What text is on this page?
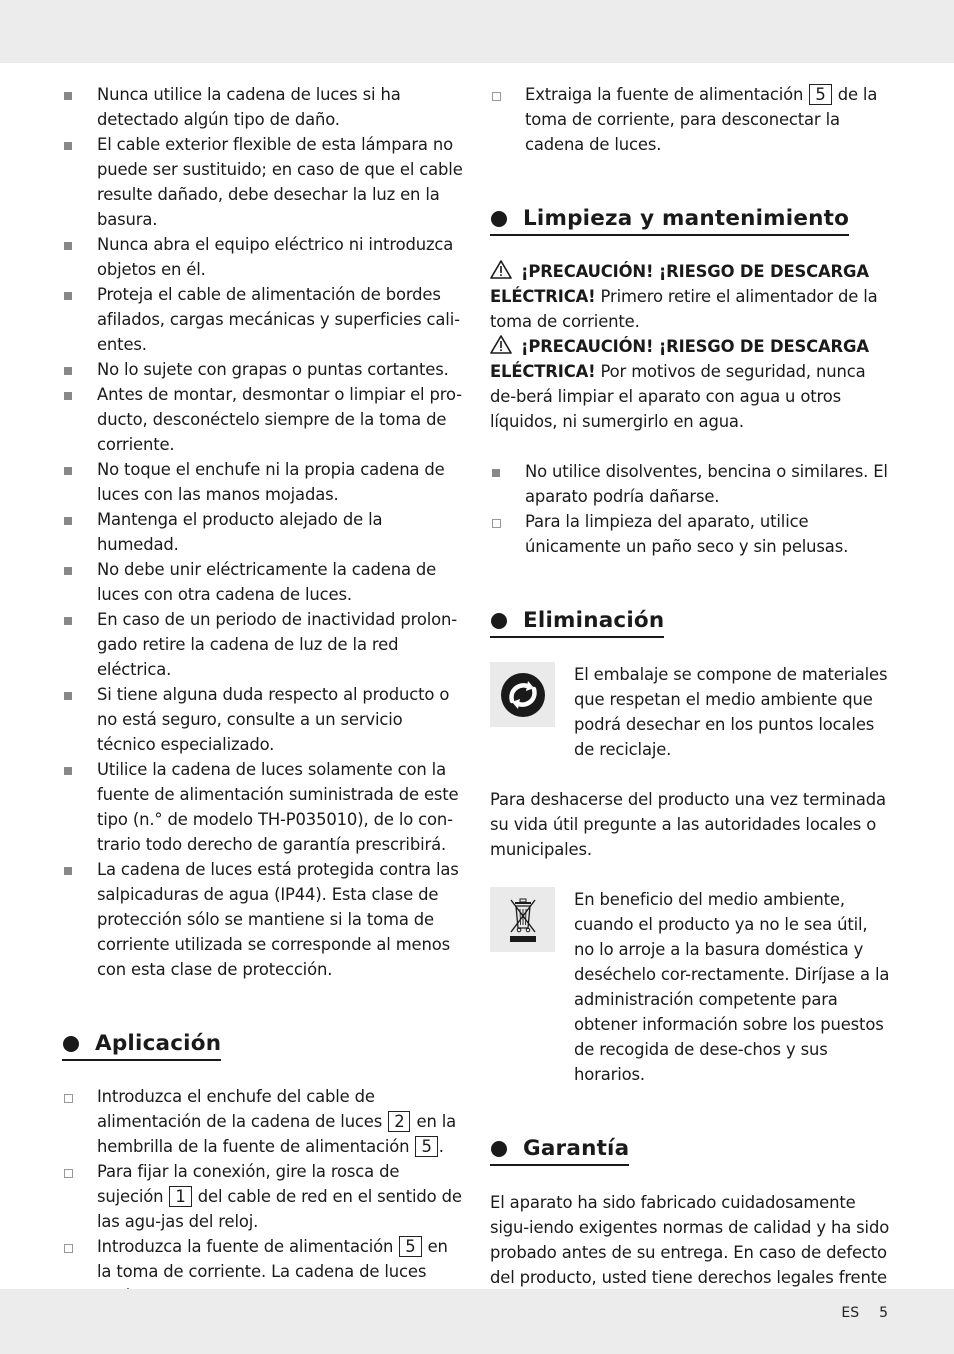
Nunca utilice la cadena de luces si ha detectado algún tipo de daño.
El cable exterior flexible de esta lámpara no puede ser sustituido; en caso de que el cable resulte dañado, debe desechar la luz en la basura.
Nunca abra el equipo eléctrico ni introduzca objetos en él.
Proteja el cable de alimentación de bordes afilados, cargas mecánicas y superficies cali-entes.
No lo sujete con grapas o puntas cortantes.
Antes de montar, desmontar o limpiar el pro-ducto, desconéctelo siempre de la toma de corriente.
No toque el enchufe ni la propia cadena de luces con las manos mojadas.
Mantenga el producto alejado de la humedad.
No debe unir eléctricamente la cadena de luces con otra cadena de luces.
En caso de un periodo de inactividad prolon-gado retire la cadena de luz de la red eléctrica.
Si tiene alguna duda respecto al producto o no está seguro, consulte a un servicio técnico especializado.
Utilice la cadena de luces solamente con la fuente de alimentación suministrada de este tipo (n.° de modelo TH-P035010), de lo con-trario todo derecho de garantía prescribirá.
La cadena de luces está protegida contra las salpicaduras de agua (IP44). Esta clase de protección sólo se mantiene si la toma de corriente utilizada se corresponde al menos con esta clase de protección.
Aplicación
Introduzca el enchufe del cable de alimentación de la cadena de luces 2 en la hembrilla de la fuente de alimentación 5 .
Para fijar la conexión, gire la rosca de sujeción 1 del cable de red en el sentido de las agu-jas del reloj.
Introduzca la fuente de alimentación 5 en la toma de corriente. La cadena de luces
Extraiga la fuente de alimentación 5 de la toma de corriente, para desconectar la cadena de luces.
Limpieza y mantenimiento

¡PRECAUCIÓN! ¡RIESGO DE DESCARGA ELÉCTRICA! Primero retire el alimentador de la toma de corriente.

¡PRECAUCIÓN! ¡RIESGO DE DESCARGA ELÉCTRICA! Por motivos de seguridad, nunca de-berá limpiar el aparato con agua u otros líquidos, ni sumergirlo en agua.

No utilice disolventes, bencina o similares. El aparato podría dañarse.
Para la limpieza del aparato, utilice únicamente un paño seco y sin pelusas.
Eliminación

El embalaje se compone de materiales que respetan el medio ambiente que podrá desechar en los puntos locales de reciclaje.

Para deshacerse del producto una vez terminada su vida útil pregunte a las autoridades locales o municipales.

En beneficio del medio ambiente, cuando el producto ya no le sea útil, no lo arroje a la basura doméstica y deséchelo cor-rectamente. Diríjase a la administración competente para obtener información sobre los puestos de recogida de dese-chos y sus horarios.

Garantía

El aparato ha sido fabricado cuidadosamente sigu-iendo exigentes normas de calidad y ha sido probado antes de su entrega. En caso de defecto del producto, usted tiene derechos legales frente

ES 5
